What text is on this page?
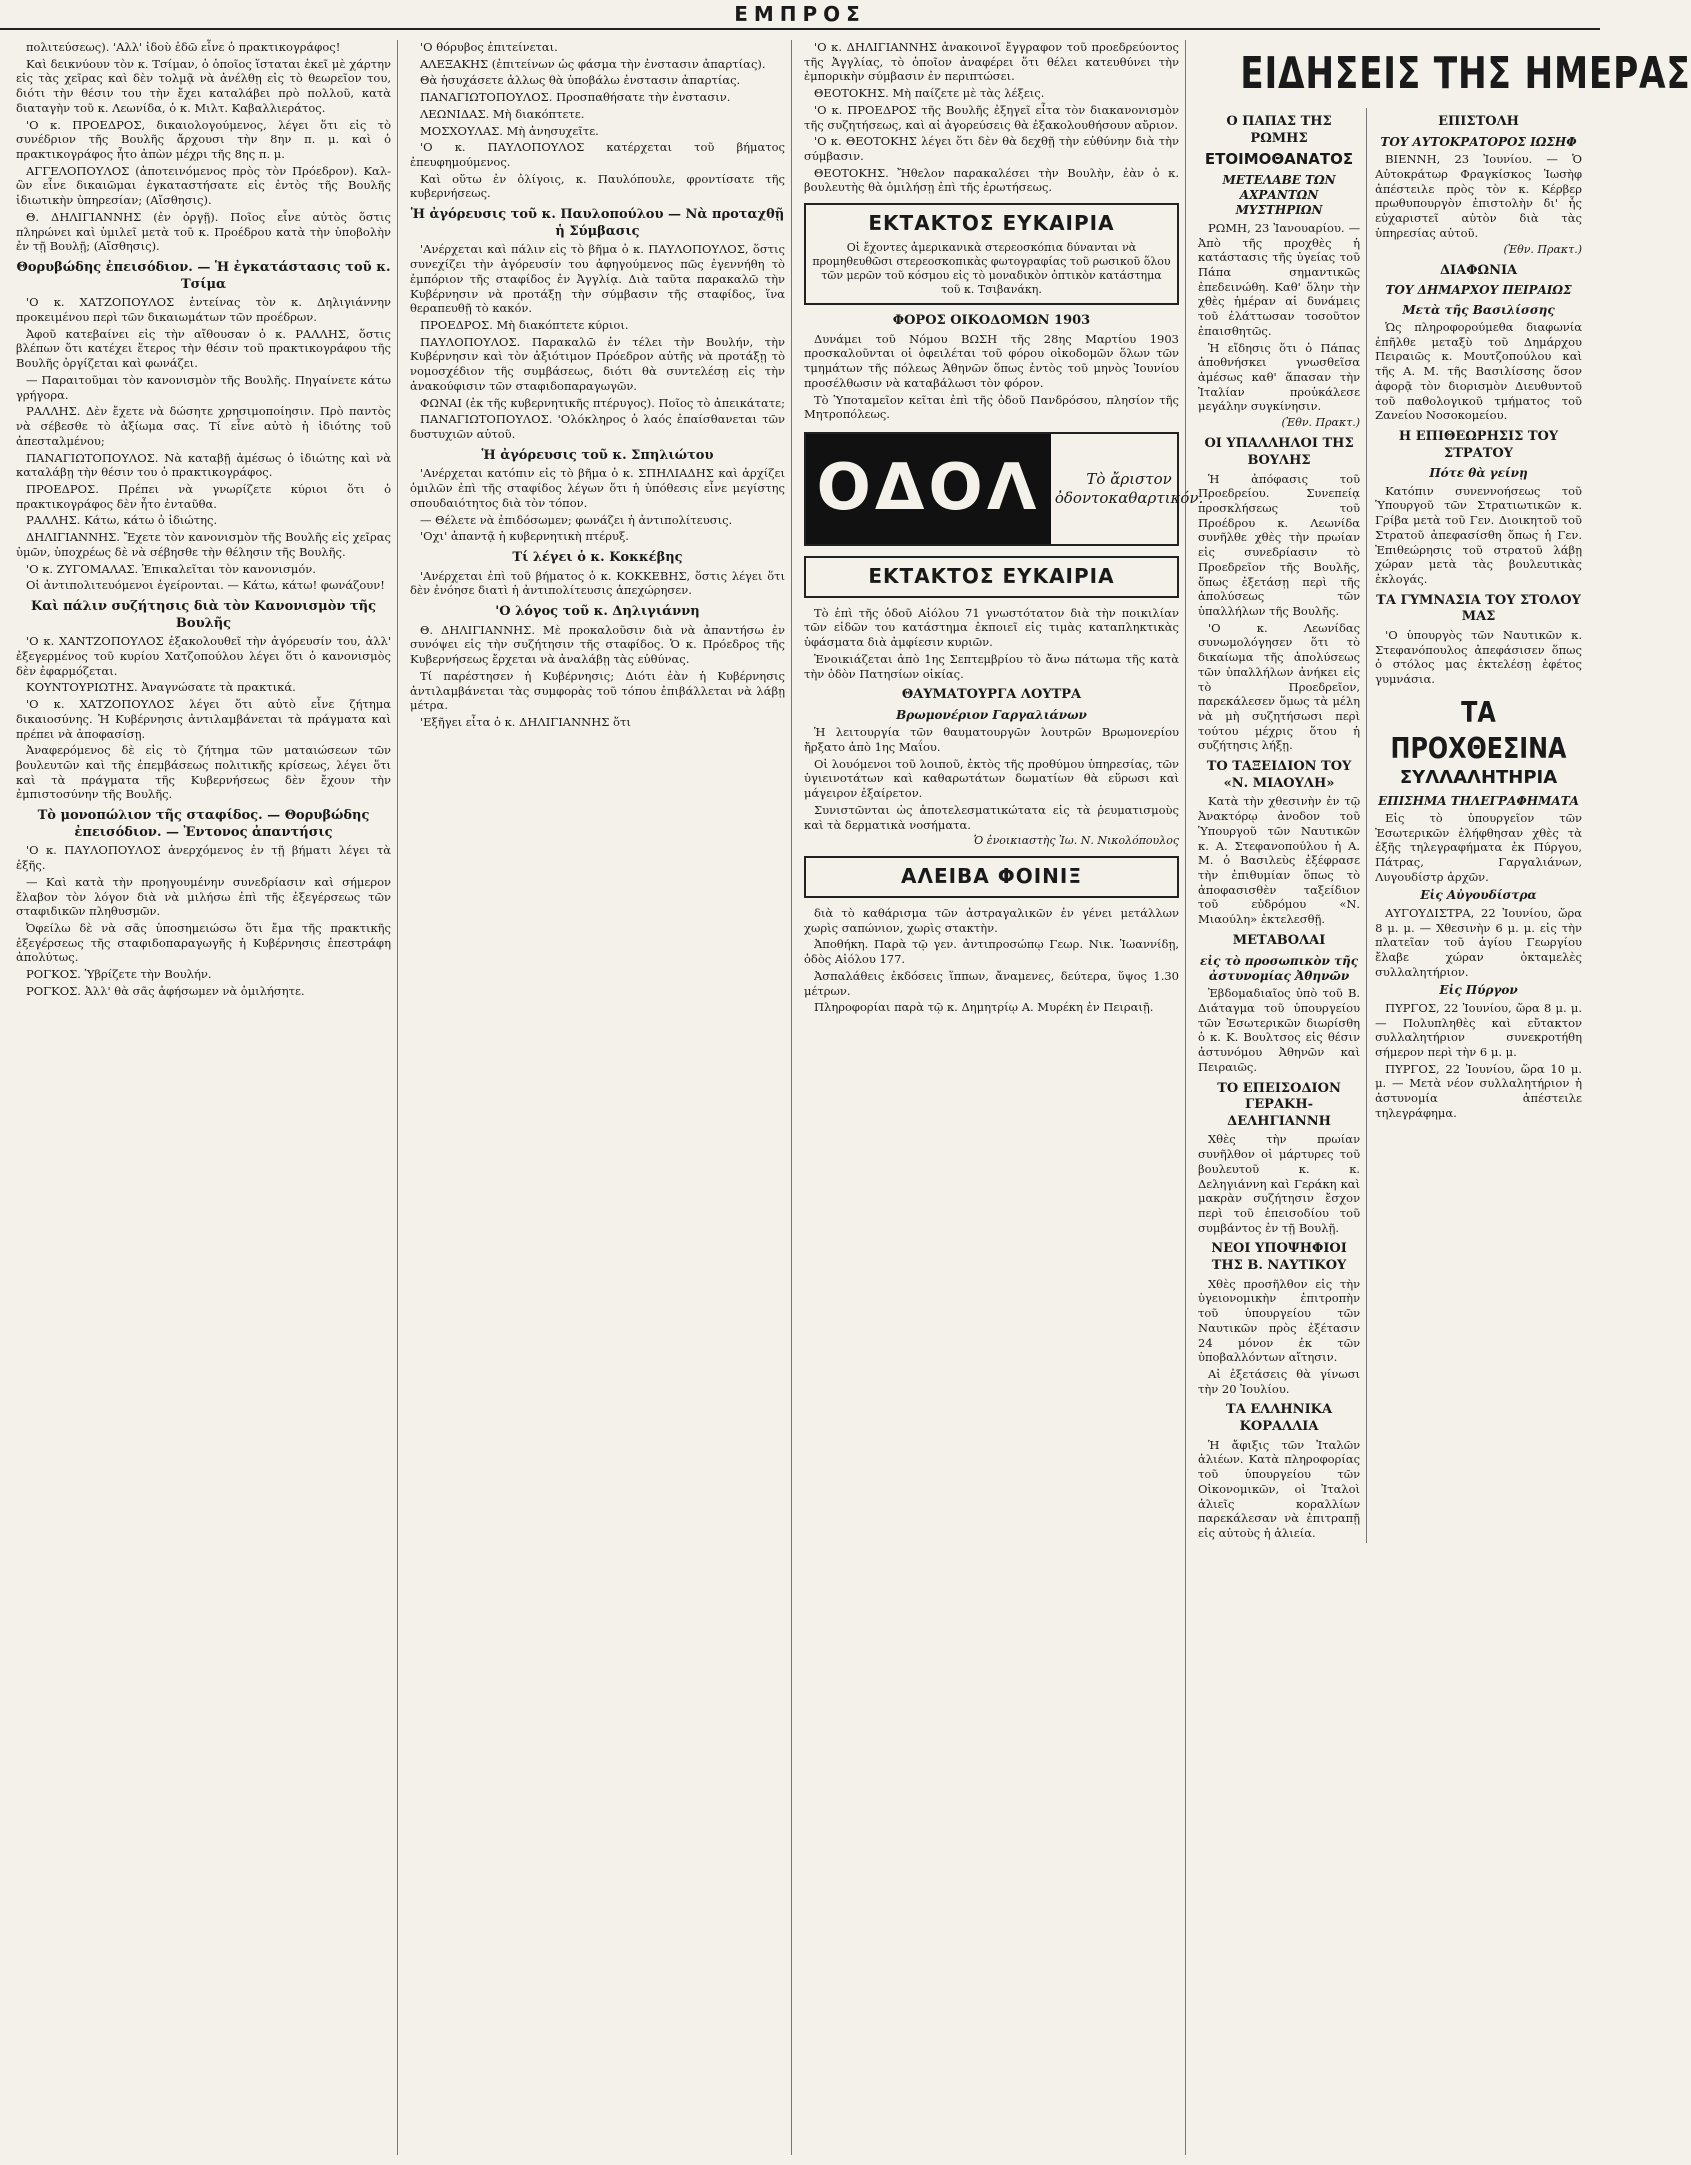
ΕΜΠΡΟΣ

πολιτεύσεως). 'Αλλ' ἰδοὺ ἐδῶ εἶνε ὁ πρακτικογράφος!

Καὶ δεικνύουν τὸν κ. Τσίμαν, ὁ ὁποῖος ἵσταται ἐκεῖ μὲ χάρτην εἰς τὰς χεῖρας καὶ δὲν τολμᾷ νὰ ἀνέλθῃ εἰς τὸ θεωρεῖον του, διότι τὴν θέσιν του τὴν ἔχει καταλάβει πρὸ πολλοῦ, κατὰ διαταγὴν τοῦ κ. Λεωνίδα, ὁ κ. Μιλτ. Καβαλλιεράτος.

'Ο κ. ΠΡΟΕΔΡΟΣ, δικαιολογούμενος, λέγει ὅτι εἰς τὸ συνέδριον τῆς Βουλῆς ἄρχουσι τὴν 8ην π. μ. καὶ ὁ πρακτικογράφος ἦτο ἀπὼν μέχρι τῆς 8ης π. μ.

ΑΓΓΕΛΟΠΟΥΛΟΣ (ἀποτεινόμενος πρὸς τὸν Πρόεδρον). Καλ-ὢν εἶνε δικαιῶμαι ἐγκαταστήσατε εἰς ἐντὸς τῆς Βουλῆς ἰδιωτικὴν ὑπηρεσίαν; (Αἴσθησις).

Θ. ΔΗΛΙΓΙΑΝΝΗΣ (ἐν ὀργῇ). Ποῖος εἶνε αὐτὸς ὅστις πληρώνει καὶ ὑμιλεῖ μετὰ τοῦ κ. Προέδρου κατὰ τὴν ὑποβολὴν ἐν τῇ Βουλῇ; (Αἴσθησις).

Θορυβώδης ἐπεισόδιον. — Ἡ ἐγκατάστασις τοῦ κ. Τσίμα

'Ο κ. ΧΑΤΖΟΠΟΥΛΟΣ ἐντείνας τὸν κ. Δηλιγιάννην προκειμένου περὶ τῶν δικαιωμάτων τῶν προέδρων.

Ἀφοῦ κατεβαίνει εἰς τὴν αἴθουσαν ὁ κ. ΡΑΛΛΗΣ, ὅστις βλέπων ὅτι κατέχει ἕτερος τὴν θέσιν τοῦ πρακτικογράφου τῆς Βουλῆς ὀργίζεται καὶ φωνάζει.

— Παραιτοῦμαι τὸν κανονισμὸν τῆς Βουλῆς. Πηγαίνετε κάτω γρήγορα.

ΡΑΛΛΗΣ. Δὲν ἔχετε νὰ δώσητε χρησιμοποίησιν. Πρὸ παντὸς νὰ σέβεσθε τὸ ἀξίωμα σας. Τί εἶνε αὐτὸ ἡ ἰδιότης τοῦ ἀπεσταλμένου;

ΠΑΝΑΓΙΩΤΟΠΟΥΛΟΣ. Νὰ καταβῇ ἀμέσως ὁ ἰδιώτης καὶ νὰ καταλάβῃ τὴν θέσιν του ὁ πρακτικογράφος.

ΠΡΟΕΔΡΟΣ. Πρέπει νὰ γνωρίζετε κύριοι ὅτι ὁ πρακτικογράφος δὲν ἦτο ἐνταῦθα.

ΡΑΛΛΗΣ. Κάτω, κάτω ὁ ἰδιώτης.

ΔΗΛΙΓΙΑΝΝΗΣ. Ἔχετε τὸν κανονισμὸν τῆς Βουλῆς εἰς χεῖρας ὑμῶν, ὑποχρέως δὲ νὰ σέβησθε τὴν θέλησιν τῆς Βουλῆς.

'Ο κ. ΖΥΓΟΜΑΛΑΣ. Ἐπικαλεῖται τὸν κανονισμόν.

Οἱ ἀντιπολιτευόμενοι ἐγείρονται. — Κάτω, κάτω! φωνάζουν!

Καὶ πάλιν συζήτησις διὰ τὸν Κανονισμὸν τῆς Βουλῆς

'Ο κ. ΧΑΝΤΖΟΠΟΥΛΟΣ ἐξακολουθεῖ τὴν ἀγόρευσίν του, ἀλλ' ἐξεγερμένος τοῦ κυρίου Χατζοπούλου λέγει ὅτι ὁ κανονισμὸς δὲν ἐφαρμόζεται.

ΚΟΥΝΤΟΥΡΙΩΤΗΣ. Ἀναγνώσατε τὰ πρακτικά.

'Ο κ. ΧΑΤΖΟΠΟΥΛΟΣ λέγει ὅτι αὐτὸ εἶνε ζήτημα δικαιοσύνης. Ἡ Κυβέρνησις ἀντιλαμβάνεται τὰ πράγματα καὶ πρέπει νὰ ἀποφασίσῃ.

Ἀναφερόμενος δὲ εἰς τὸ ζήτημα τῶν ματαιώσεων τῶν βουλευτῶν καὶ τῆς ἐπεμβάσεως πολιτικῆς κρίσεως, λέγει ὅτι καὶ τὰ πράγματα τῆς Κυβερνήσεως δὲν ἔχουν τὴν ἐμπιστοσύνην τῆς Βουλῆς.

Τὸ μονοπώλιον τῆς σταφίδος. — Θορυβώδης ἐπεισόδιον. — Ἐντονος ἀπαντήσις

'Ο κ. ΠΑΥΛΟΠΟΥΛΟΣ ἀνερχόμενος ἐν τῇ βήματι λέγει τὰ ἑξῆς.

— Καὶ κατὰ τὴν προηγουμένην συνεδρίασιν καὶ σήμερον ἔλαβον τὸν λόγον διὰ νὰ μιλήσω ἐπὶ τῆς ἐξεγέρσεως τῶν σταφιδικῶν πληθυσμῶν.

Ὀφείλω δὲ νὰ σᾶς ὑποσημειώσω ὅτι ἔμα τῆς πρακτικῆς ἐξεγέρσεως τῆς σταφιδοπαραγωγῆς ἡ Κυβέρνησις ἐπεστράφη ἀπολύτως.

ΡΟΓΚΟΣ. Ὑβρίζετε τὴν Βουλήν.

ΡΟΓΚΟΣ. Ἀλλ' θὰ σᾶς ἀφήσωμεν νὰ ὁμιλήσητε.

'Ο θόρυβος ἐπιτείνεται.

ΑΛΕΞΑΚΗΣ (ἐπιτείνων ὡς φάσμα τὴν ἐνστασιν ἀπαρτίας).

Θὰ ἡσυχάσετε ἀλλως θὰ ὑποβάλω ἐνστασιν ἀπαρτίας.

ΠΑΝΑΓΙΩΤΟΠΟΥΛΟΣ. Προσπαθήσατε τὴν ἐνστασιν.

ΛΕΩΝΙΔΑΣ. Μὴ διακόπτετε.

ΜΟΣΧΟΥΛΑΣ. Μὴ ἀνησυχεῖτε.

'Ο κ. ΠΑΥΛΟΠΟΥΛΟΣ κατέρχεται τοῦ βήματος ἐπευφημούμενος.

Καὶ οὕτω ἐν ὀλίγοις, κ. Παυλόπουλε, φροντίσατε τῆς κυβερνήσεως.

Ἡ ἀγόρευσις τοῦ κ. Παυλοπούλου — Νὰ προταχθῇ ἡ Σύμβασις

'Ανέρχεται καὶ πάλιν εἰς τὸ βῆμα ὁ κ. ΠΑΥΛΟΠΟΥΛΟΣ, ὅστις συνεχίζει τὴν ἀγόρευσίν του ἀφηγούμενος πῶς ἐγεννήθη τὸ ἐμπόριον τῆς σταφίδος ἐν Ἀγγλίᾳ. Διὰ ταῦτα παρακαλῶ τὴν Κυβέρνησιν νὰ προτάξῃ τὴν σύμβασιν τῆς σταφίδος, ἵνα θεραπευθῇ τὸ κακόν.

ΠΡΟΕΔΡΟΣ. Μὴ διακόπτετε κύριοι.

ΠΑΥΛΟΠΟΥΛΟΣ. Παρακαλῶ ἐν τέλει τὴν Βουλήν, τὴν Κυβέρνησιν καὶ τὸν ἀξιότιμον Πρόεδρον αὐτῆς νὰ προτάξῃ τὸ νομοσχέδιον τῆς συμβάσεως, διότι θὰ συντελέσῃ εἰς τὴν ἀνακούφισιν τῶν σταφιδοπαραγωγῶν.

ΦΩΝΑΙ (ἐκ τῆς κυβερνητικῆς πτέρυγος). Ποῖος τὸ ἀπεικάτατε;

ΠΑΝΑΓΙΩΤΟΠΟΥΛΟΣ. 'Ολόκληρος ὁ λαός ἐπαίσθανεται τῶν δυστυχιῶν αὐτοῦ.

Ἡ ἀγόρευσις τοῦ κ. Σπηλιώτου

'Ανέρχεται κατόπιν εἰς τὸ βῆμα ὁ κ. ΣΠΗΛΙΑΔΗΣ καὶ ἀρχίζει ὁμιλῶν ἐπὶ τῆς σταφίδος λέγων ὅτι ἡ ὑπόθεσις εἶνε μεγίστης σπουδαιότητος διὰ τὸν τόπον.

— Θέλετε νὰ ἐπιδόσωμεν; φωνάζει ἡ ἀντιπολίτευσις.

'Οχι' ἀπαντᾷ ἡ κυβερνητικὴ πτέρυξ.

Τί λέγει ὁ κ. Κοκκέβης

'Ανέρχεται ἐπὶ τοῦ βήματος ὁ κ. ΚΟΚΚΕΒΗΣ, ὅστις λέγει ὅτι δὲν ἐνόησε διατὶ ἡ ἀντιπολίτευσις ἀπεχώρησεν.

'Ο λόγος τοῦ κ. Δηλιγιάννη

Θ. ΔΗΛΙΓΙΑΝΝΗΣ. Μὲ προκαλοῦσιν διὰ νὰ ἀπαντήσω ἐν συνόψει εἰς τὴν συζήτησιν τῆς σταφίδος. Ὁ κ. Πρόεδρος τῆς Κυβερνήσεως ἔρχεται νὰ ἀναλάβῃ τὰς εὐθύνας.

Τί παρέστησεν ἡ Κυβέρνησις; Διότι ἐὰν ἡ Κυβέρνησις ἀντιλαμβάνεται τὰς συμφορὰς τοῦ τόπου ἐπιβάλλεται νὰ λάβῃ μέτρα.

'Εξῆγει εἶτα ὁ κ. ΔΗΛΙΓΙΑΝΝΗΣ ὅτι

'Ο κ. ΔΗΛΙΓΙΑΝΝΗΣ ἀνακοινοῖ ἔγγραφον τοῦ προεδρεύοντος τῆς Ἀγγλίας, τὸ ὁποῖον ἀναφέρει ὅτι θέλει κατευθύνει τὴν ἐμπορικὴν σύμβασιν ἐν περιπτώσει.

ΘΕΟΤΟΚΗΣ. Μὴ παίζετε μὲ τὰς λέξεις.

'Ο κ. ΠΡΟΕΔΡΟΣ τῆς Βουλῆς ἐξηγεῖ εἶτα τὸν διακανονισμὸν τῆς συζητήσεως, καὶ αἱ ἀγορεύσεις θὰ ἐξακολουθήσουν αὔριον.

'Ο κ. ΘΕΟΤΟΚΗΣ λέγει ὅτι δὲν θὰ δεχθῇ τὴν εὐθύνην διὰ τὴν σύμβασιν.

ΘΕΟΤΟΚΗΣ. Ἤθελον παρακαλέσει τὴν Βουλὴν, ἐὰν ὁ κ. βουλευτὴς θὰ ὁμιλήσῃ ἐπὶ τῆς ἐρωτήσεως.

ΕΚΤΑΚΤΟΣ ΕΥΚΑΙΡΙΑ
Οἱ ἔχοντες ἀμερικανικὰ στερεοσκόπια δύνανται νὰ προμηθευθῶσι στερεοσκοπικὰς φωτογραφίας τοῦ ρωσικοῦ ὅλου τῶν μερῶν τοῦ κόσμου εἰς τὸ μοναδικὸν ὀπτικὸν κατάστημα τοῦ κ. Τσιβανάκη.
ΦΟΡΟΣ ΟΙΚΟΔΟΜΩΝ 1903

Δυνάμει τοῦ Νόμου ΒΩΣΗ τῆς 28ης Μαρτίου 1903 προσκαλοῦνται οἱ ὀφειλέται τοῦ φόρου οἰκοδομῶν ὅλων τῶν τμημάτων τῆς πόλεως Ἀθηνῶν ὅπως ἐντὸς τοῦ μηνὸς Ἰουνίου προσέλθωσιν νὰ καταβάλωσι τὸν φόρον.

Τὸ Ὑποταμεῖον κεῖται ἐπὶ τῆς ὁδοῦ Πανδρόσου, πλησίον τῆς Μητροπόλεως.

ΟΔΟΛ	Τὸ ἄριστον ὀδοντοκαθαρτικόν.
ΕΚΤΑΚΤΟΣ ΕΥΚΑΙΡΙΑ

Τὸ ἐπὶ τῆς ὁδοῦ Αἰόλου 71 γνωστότατον διὰ τὴν ποικιλίαν τῶν εἰδῶν του κατάστημα ἐκποιεῖ εἰς τιμὰς καταπληκτικὰς ὑφάσματα διὰ ἀμφίεσιν κυριῶν.

Ἐνοικιάζεται ἀπὸ 1ης Σεπτεμβρίου τὸ ἄνω πάτωμα τῆς κατὰ τὴν ὁδὸν Πατησίων οἰκίας.

ΘΑΥΜΑΤΟΥΡΓΑ ΛΟΥΤΡΑ
Βρωμονέριον Γαργαλιάνων

Ἡ λειτουργία τῶν θαυματουργῶν λουτρῶν Βρωμονερίου ἤρξατο ἀπὸ 1ης Μαΐου.

Οἱ λουόμενοι τοῦ λοιποῦ, ἐκτὸς τῆς προθύμου ὑπηρεσίας, τῶν ὑγιεινοτάτων καὶ καθαρωτάτων δωματίων θὰ εὕρωσι καὶ μάγειρον ἐξαίρετον.

Συνιστῶνται ὡς ἀποτελεσματικώτατα εἰς τὰ ῥευματισμοὺς καὶ τὰ δερματικὰ νοσήματα.

Ὁ ἐνοικιαστὴς Ἰω. Ν. Νικολόπουλος
ΑΛΕΙΒΑ ΦΟΙΝΙΞ

διὰ τὸ καθάρισμα τῶν ἀστραγαλικῶν ἐν γένει μετάλλων χωρὶς σαπώνιον, χωρὶς στακτὴν.

Ἀποθήκη. Παρὰ τῷ γεν. ἀντιπροσώπῳ Γεωρ. Νικ. Ἰωαννίδῃ, ὁδὸς Αἰόλου 177.

Ἀσπαλάθεις ἐκδόσεις ἵππων, ἄναμενες, δεύτερα, ὕψος 1.30 μέτρων.

Πληροφορίαι παρὰ τῷ κ. Δημητρίῳ Α. Μυρέκη ἐν Πειραιῇ.

ΕΙΔΗΣΕΙΣ ΤΗΣ ΗΜΕΡΑΣ
Ο ΠΑΠΑΣ ΤΗΣ ΡΩΜΗΣ
ΕΤΟΙΜΟΘΑΝΑΤΟΣ
ΜΕΤΕΛΑΒΕ ΤΩΝ ΑΧΡΑΝΤΩΝ ΜΥΣΤΗΡΙΩΝ

ΡΩΜΗ, 23 Ἰανουαρίου. — Ἀπὸ τῆς προχθὲς ἡ κατάστασις τῆς ὑγείας τοῦ Πάπα σημαντικῶς ἐπεδεινώθη. Καθ' ὅλην τὴν χθὲς ἡμέραν αἱ δυνάμεις τοῦ ἐλάττωσαν τοσοῦτον ἐπαισθητῶς.

Ἡ εἴδησις ὅτι ὁ Πάπας ἀποθνήσκει γνωσθεῖσα ἀμέσως καθ' ἅπασαν τὴν Ἰταλίαν προὐκάλεσε μεγάλην συγκίνησιν.

(Ἐθν. Πρακτ.)
ΟΙ ΥΠΑΛΛΗΛΟΙ ΤΗΣ ΒΟΥΛΗΣ

Ἡ ἀπόφασις τοῦ Προεδρείου. Συνεπείᾳ προσκλήσεως τοῦ Προέδρου κ. Λεωνίδα συνῆλθε χθὲς τὴν πρωίαν εἰς συνεδρίασιν τὸ Προεδρεῖον τῆς Βουλῆς, ὅπως ἐξετάσῃ περὶ τῆς ἀπολύσεως τῶν ὑπαλλήλων τῆς Βουλῆς.

'Ο κ. Λεωνίδας συνωμολόγησεν ὅτι τὸ δικαίωμα τῆς ἀπολύσεως τῶν ὑπαλλήλων ἀνήκει εἰς τὸ Προεδρεῖον, παρεκάλεσεν ὅμως τὰ μέλη νὰ μὴ συζητήσωσι περὶ τούτου μέχρις ὅτου ἡ συζήτησις λήξῃ.

ΤΟ ΤΑΞΕΙΔΙΟΝ ΤΟΥ «Ν. ΜΙΑΟΥΛΗ»

Κατὰ τὴν χθεσινὴν ἐν τῷ Ἀνακτόρῳ ἀνοδον τοῦ Ὑπουργοῦ τῶν Ναυτικῶν κ. Α. Στεφανοπούλου ἡ Α. Μ. ὁ Βασιλεὺς ἐξέφρασε τὴν ἐπιθυμίαν ὅπως τὸ ἀποφασισθὲν ταξείδιον τοῦ εὐδρόμου «Ν. Μιαούλη» ἐκτελεσθῇ.

ΜΕΤΑΒΟΛΑΙ
εἰς τὸ προσωπικὸν τῆς ἀστυνομίας Ἀθηνῶν

Ἐβδομαδιαῖος ὑπὸ τοῦ Β. Διάταγμα τοῦ ὑπουργείου τῶν Ἐσωτερικῶν διωρίσθη ὁ κ. Κ. Βουλτσος εἰς θέσιν ἀστυνόμου Ἀθηνῶν καὶ Πειραιῶς.

ΤΟ ΕΠΕΙΣΟΔΙΟΝ ΓΕΡΑΚΗ-ΔΕΛΗΓΙΑΝΝΗ

Χθὲς τὴν πρωίαν συνῆλθον οἱ μάρτυρες τοῦ βουλευτοῦ κ. κ. Δεληγιάννη καὶ Γεράκη καὶ μακρὰν συζήτησιν ἔσχον περὶ τοῦ ἐπεισοδίου τοῦ συμβάντος ἐν τῇ Βουλῇ.

ΝΕΟΙ ΥΠΟΨΗΦΙΟΙ ΤΗΣ Β. ΝΑΥΤΙΚΟΥ

Χθὲς προσῆλθον εἰς τὴν ὑγειονομικὴν ἐπιτροπὴν τοῦ ὑπουργείου τῶν Ναυτικῶν πρὸς ἐξέτασιν 24 μόνον ἐκ τῶν ὑποβαλλόντων αἴτησιν.

Αἱ ἐξετάσεις θὰ γίνωσι τὴν 20 Ἰουλίου.

ΤΑ ΕΛΛΗΝΙΚΑ ΚΟΡΑΛΛΙΑ

Ἡ ἄφιξις τῶν Ἰταλῶν ἁλιέων. Κατὰ πληροφορίας τοῦ ὑπουργείου τῶν Οἰκονομικῶν, οἱ Ἰταλοὶ ἁλιεῖς κοραλλίων παρεκάλεσαν νὰ ἐπιτραπῇ εἰς αὐτοὺς ἡ ἁλιεία.

ΕΠΙΣΤΟΛΗ
ΤΟΥ ΑΥΤΟΚΡΑΤΟΡΟΣ ΙΩΣΗΦ

ΒΙΕΝΝΗ, 23 Ἰουνίου. — Ὁ Αὐτοκράτωρ Φραγκίσκος Ἰωσὴφ ἀπέστειλε πρὸς τὸν κ. Κέρβερ πρωθυπουργὸν ἐπιστολὴν δι' ἧς εὐχαριστεῖ αὐτὸν διὰ τὰς ὑπηρεσίας αὐτοῦ.

(Ἐθν. Πρακτ.)
ΔΙΑΦΩΝΙΑ
ΤΟΥ ΔΗΜΑΡΧΟΥ ΠΕΙΡΑΙΩΣ
Μετὰ τῆς Βασιλίσσης

Ὡς πληροφορούμεθα διαφωνία ἐπῆλθε μεταξὺ τοῦ Δημάρχου Πειραιῶς κ. Μουτζοπούλου καὶ τῆς Α. Μ. τῆς Βασιλίσσης ὅσον ἀφορᾷ τὸν διορισμὸν Διευθυντοῦ τοῦ παθολογικοῦ τμήματος τοῦ Ζανείου Νοσοκομείου.

Η ΕΠΙΘΕΩΡΗΣΙΣ ΤΟΥ ΣΤΡΑΤΟΥ
Πότε θὰ γείνῃ

Κατόπιν συνεννοήσεως τοῦ Ὑπουργοῦ τῶν Στρατιωτικῶν κ. Γρίβα μετὰ τοῦ Γεν. Διοικητοῦ τοῦ Στρατοῦ ἀπεφασίσθη ὅπως ἡ Γεν. Ἐπιθεώρησις τοῦ στρατοῦ λάβῃ χώραν μετὰ τὰς βουλευτικὰς ἐκλογάς.

ΤΑ ΓΥΜΝΑΣΙΑ ΤΟΥ ΣΤΟΛΟΥ ΜΑΣ

'Ο ὑπουργὸς τῶν Ναυτικῶν κ. Στεφανόπουλος ἀπεφάσισεν ὅπως ὁ στόλος μας ἐκτελέσῃ ἐφέτος γυμνάσια.

ΤΑ ΠΡΟΧΘΕΣΙΝΑ
ΣΥΛΛΑΛΗΤΗΡΙΑ
ΕΠΙΣΗΜΑ ΤΗΛΕΓΡΑΦΗΜΑΤΑ

Εἰς τὸ ὑπουργεῖον τῶν Ἐσωτερικῶν ἐλήφθησαν χθὲς τὰ ἑξῆς τηλεγραφήματα ἐκ Πύργου, Πάτρας, Γαργαλιάνων, Λυγουδίστρ ἀρχῶν.

Εἰς Αὐγουδίστρα

ΑΥΓΟΥΔΙΣΤΡΑ, 22 Ἰουνίου, ὥρα 8 μ. μ. — Χθεσινὴν 6 μ. μ. εἰς τὴν πλατεῖαν τοῦ ἁγίου Γεωργίου ἔλαβε χώραν ὀκταμελὲς συλλαλητήριον.

Εἰς Πύργον

ΠΥΡΓΟΣ, 22 Ἰουνίου, ὥρα 8 μ. μ. — Πολυπληθὲς καὶ εὔτακτον συλλαλητήριον συνεκροτήθη σήμερον περὶ τὴν 6 μ. μ.

ΠΥΡΓΟΣ, 22 Ἰουνίου, ὥρα 10 μ. μ. — Μετὰ νέον συλλαλητήριον ἡ ἀστυνομία ἀπέστειλε τηλεγράφημα.
